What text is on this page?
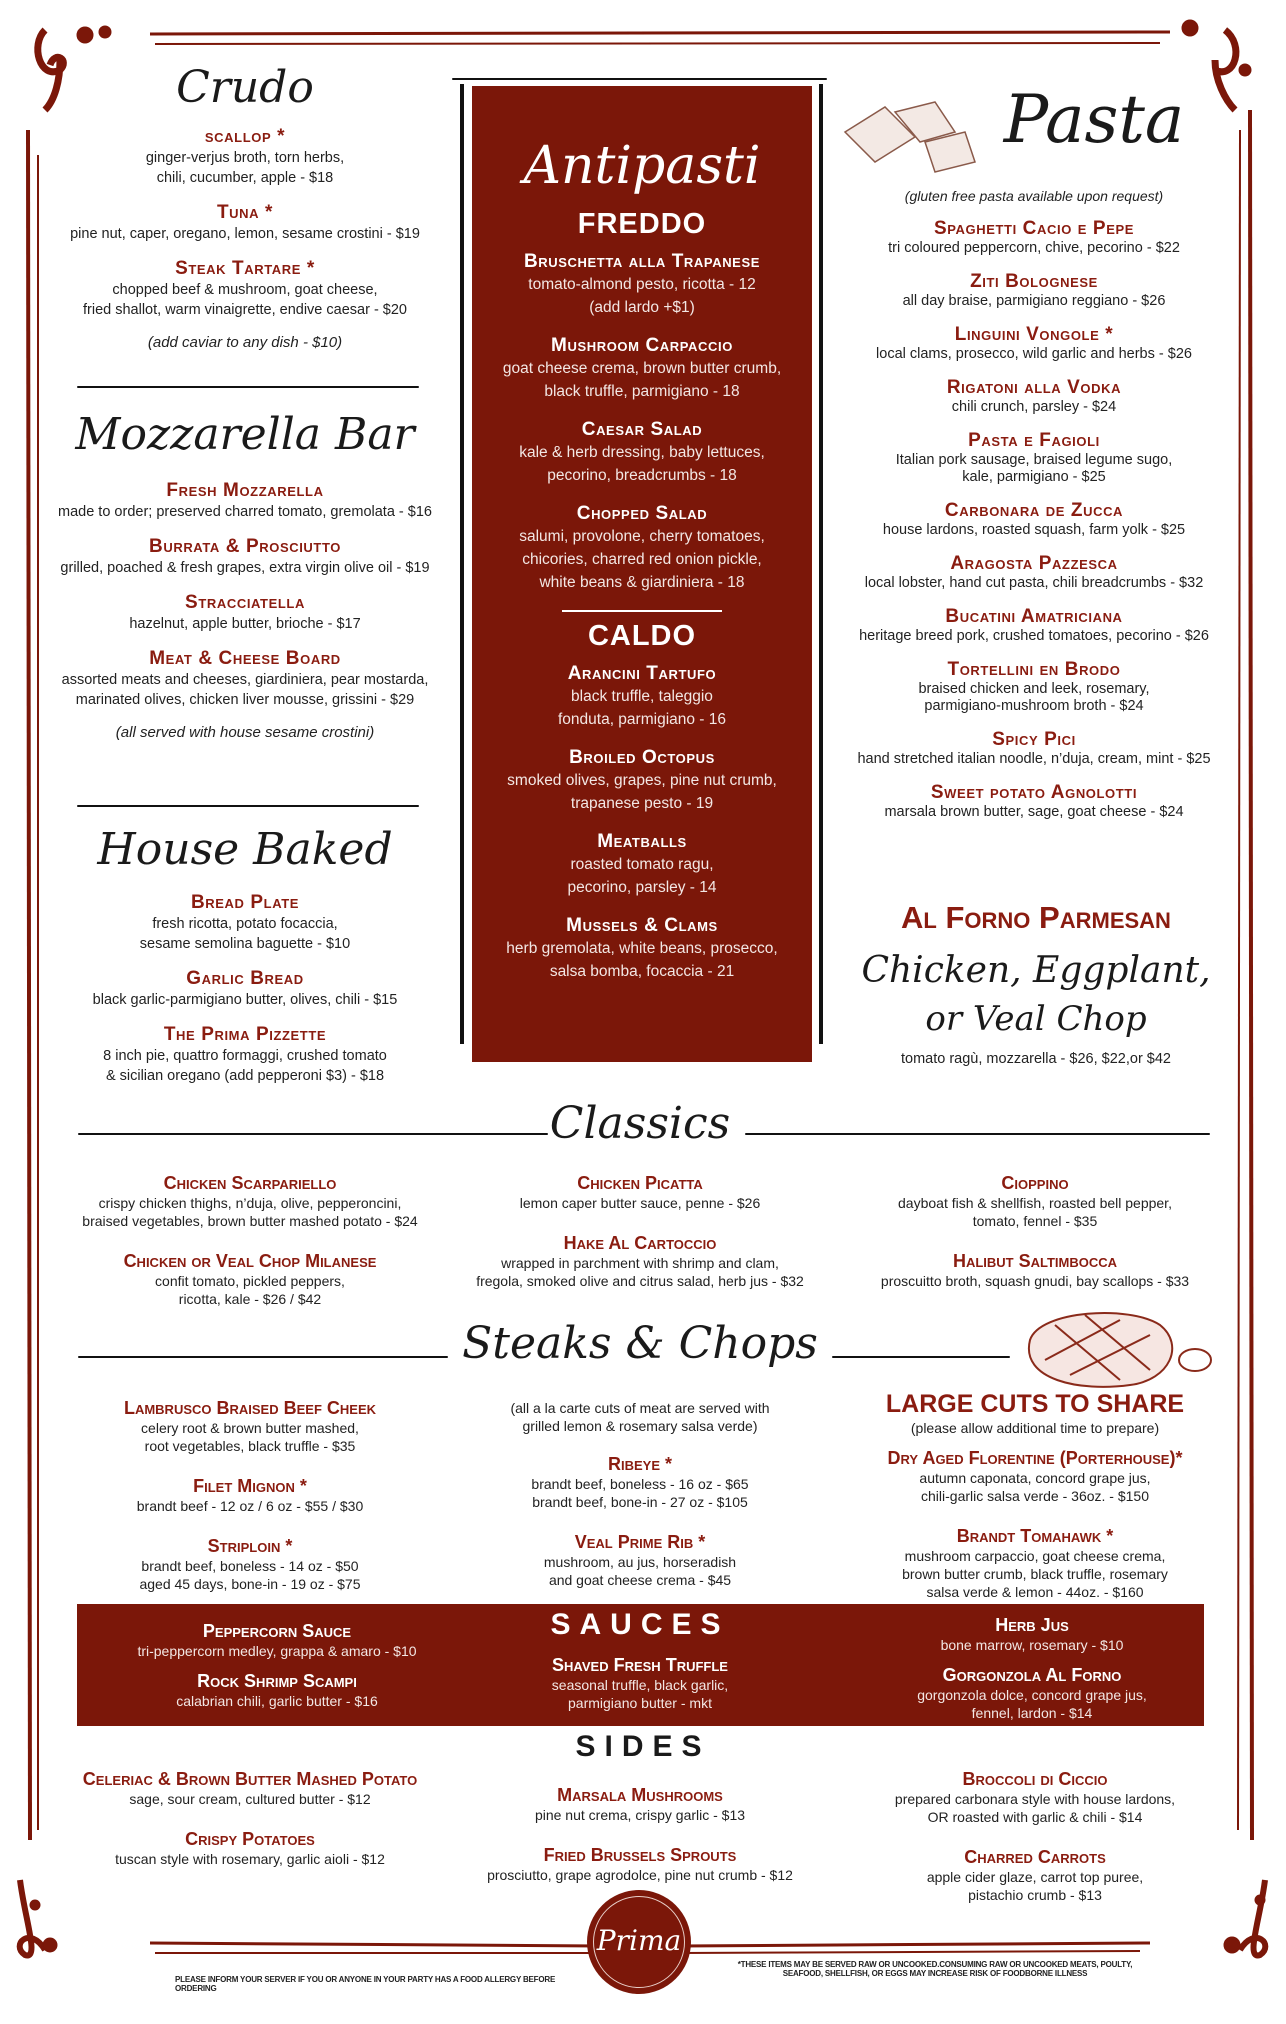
Crudo
scallop *
ginger-verjus broth, torn herbs,
chili, cucumber, apple - $18
Tuna *
pine nut, caper, oregano, lemon, sesame crostini - $19
Steak Tartare *
chopped beef & mushroom, goat cheese,
fried shallot, warm vinaigrette, endive caesar - $20
(add caviar to any dish - $10)
Mozzarella Bar
Fresh Mozzarella
made to order; preserved charred tomato, gremolata - $16
Burrata & Prosciutto
grilled, poached & fresh grapes, extra virgin olive oil - $19
Stracciatella
hazelnut, apple butter, brioche - $17
Meat & Cheese Board
assorted meats and cheeses, giardiniera, pear mostarda,
marinated olives, chicken liver mousse, grissini - $29
(all served with house sesame crostini)
House Baked
Bread Plate
fresh ricotta, potato focaccia,
sesame semolina baguette - $10
Garlic Bread
black garlic-parmigiano butter, olives, chili - $15
The Prima Pizzette
8 inch pie, quattro formaggi, crushed tomato
& sicilian oregano (add pepperoni $3) - $18
Antipasti
FREDDO
Bruschetta alla Trapanese
tomato-almond pesto, ricotta - 12
(add lardo +$1)
Mushroom Carpaccio
goat cheese crema, brown butter crumb,
black truffle, parmigiano - 18
Caesar Salad
kale & herb dressing, baby lettuces,
pecorino, breadcrumbs - 18
Chopped Salad
salumi, provolone, cherry tomatoes,
chicories, charred red onion pickle,
white beans & giardiniera - 18
CALDO
Arancini Tartufo
black truffle, taleggio
fonduta, parmigiano - 16
Broiled Octopus
smoked olives, grapes, pine nut crumb,
trapanese pesto - 19
Meatballs
roasted tomato ragu,
pecorino, parsley - 14
Mussels & Clams
herb gremolata, white beans, prosecco,
salsa bomba, focaccia - 21
Pasta
(gluten free pasta available upon request)
Spaghetti Cacio e Pepe
tri coloured peppercorn, chive, pecorino - $22
Ziti Bolognese
all day braise, parmigiano reggiano - $26
Linguini Vongole *
local clams, prosecco, wild garlic and herbs - $26
Rigatoni alla Vodka
chili crunch, parsley - $24
Pasta e Fagioli
Italian pork sausage, braised legume sugo,
kale, parmigiano - $25
Carbonara de Zucca
house lardons, roasted squash, farm yolk - $25
Aragosta Pazzesca
local lobster, hand cut pasta, chili breadcrumbs - $32
Bucatini Amatriciana
heritage breed pork, crushed tomatoes, pecorino - $26
Tortellini en Brodo
braised chicken and leek, rosemary,
parmigiano-mushroom broth - $24
Spicy Pici
hand stretched italian noodle, n’duja, cream, mint - $25
Sweet potato Agnolotti
marsala brown butter, sage, goat cheese - $24
Al Forno Parmesan
Chicken, Eggplant,
or Veal Chop
tomato ragù, mozzarella - $26, $22,or $42
Classics
Chicken Scarpariello
crispy chicken thighs, n’duja, olive, pepperoncini,
braised vegetables, brown butter mashed potato - $24
Chicken or Veal Chop Milanese
confit tomato, pickled peppers,
ricotta, kale - $26 / $42
Chicken Picatta
lemon caper butter sauce, penne - $26
Hake Al Cartoccio
wrapped in parchment with shrimp and clam,
fregola, smoked olive and citrus salad, herb jus - $32
Cioppino
dayboat fish & shellfish, roasted bell pepper,
tomato, fennel - $35
Halibut Saltimbocca
proscuitto broth, squash gnudi, bay scallops - $33
Steaks & Chops
Lambrusco Braised Beef Cheek
celery root & brown butter mashed,
root vegetables, black truffle - $35
Filet Mignon *
brandt beef - 12 oz / 6 oz - $55 / $30
Striploin *
brandt beef, boneless - 14 oz - $50
aged 45 days, bone-in - 19 oz - $75
(all a la carte cuts of meat are served with
grilled lemon & rosemary salsa verde)
Ribeye *
brandt beef, boneless - 16 oz - $65
brandt beef, bone-in - 27 oz - $105
Veal Prime Rib *
mushroom, au jus, horseradish
and goat cheese crema - $45
LARGE CUTS TO SHARE
(please allow additional time to prepare)
Dry Aged Florentine (Porterhouse)*
autumn caponata, concord grape jus,
chili-garlic salsa verde - 36oz. - $150
Brandt Tomahawk *
mushroom carpaccio, goat cheese crema,
brown butter crumb, black truffle, rosemary
salsa verde & lemon - 44oz. - $160
Peppercorn Sauce
tri-peppercorn medley, grappa & amaro - $10
Rock Shrimp Scampi
calabrian chili, garlic butter - $16
SAUCES
Shaved Fresh Truffle
seasonal truffle, black garlic,
parmigiano butter - mkt
Herb Jus
bone marrow, rosemary - $10
Gorgonzola Al Forno
gorgonzola dolce, concord grape jus,
fennel, lardon - $14
SIDES
Celeriac & Brown Butter Mashed Potato
sage, sour cream, cultured butter - $12
Crispy Potatoes
tuscan style with rosemary, garlic aioli - $12
Marsala Mushrooms
pine nut crema, crispy garlic - $13
Fried Brussels Sprouts
prosciutto, grape agrodolce, pine nut crumb - $12
Broccoli di Ciccio
prepared carbonara style with house lardons,
OR roasted with garlic & chili - $14
Charred Carrots
apple cider glaze, carrot top puree,
pistachio crumb - $13
Prima
PLEASE INFORM YOUR SERVER IF YOU OR ANYONE IN YOUR PARTY HAS A FOOD ALLERGY BEFORE ORDERING
*THESE ITEMS MAY BE SERVED RAW OR UNCOOKED.CONSUMING RAW OR UNCOOKED MEATS, POULTY,
SEAFOOD, SHELLFISH, OR EGGS MAY INCREASE RISK OF FOODBORNE ILLNESS
